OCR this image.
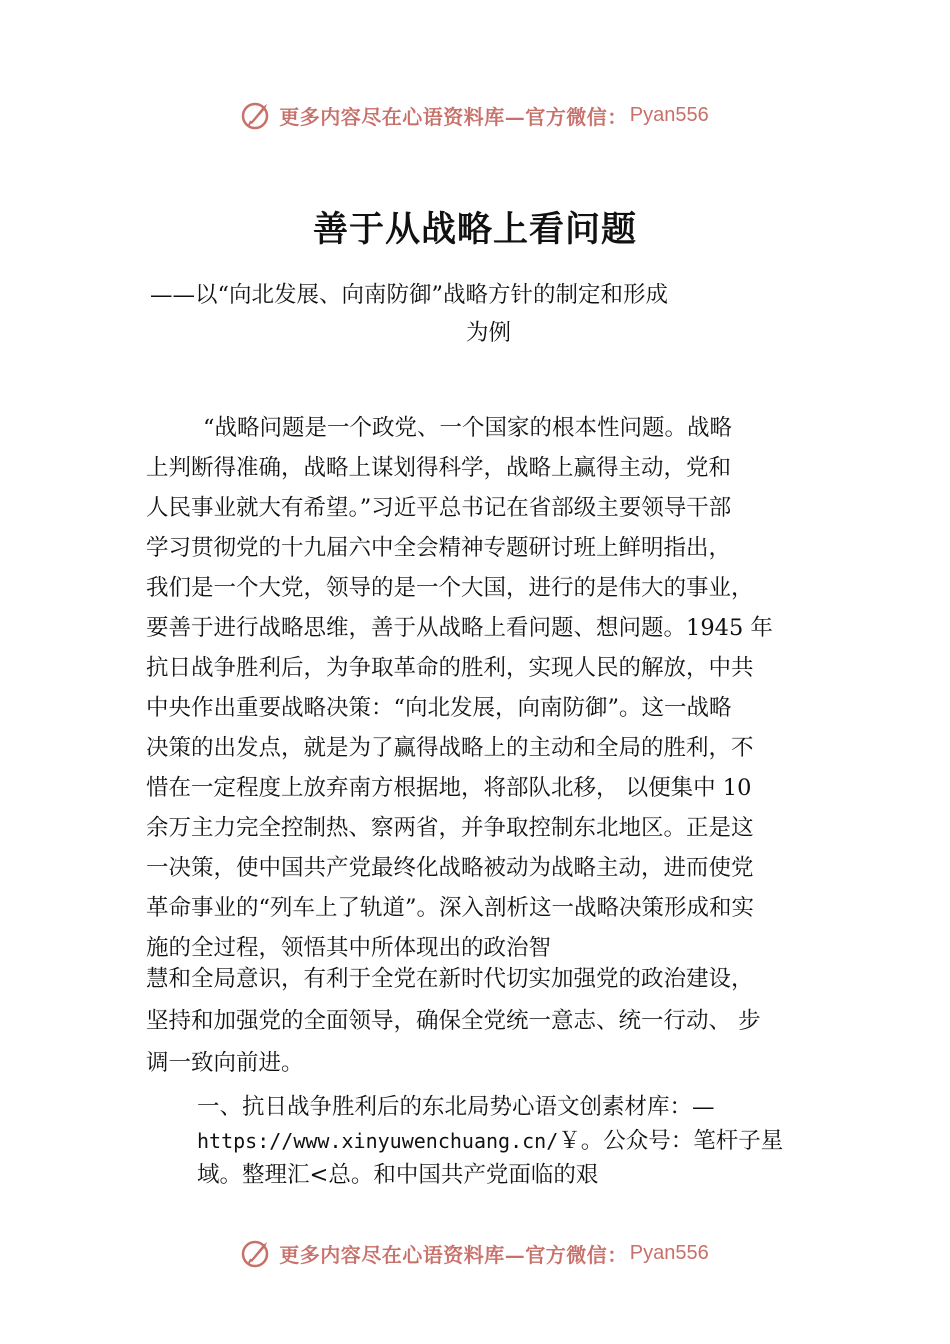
更多内容尽在心语资料库—官方微信： Pyan556
善于从战略上看问题
——以“向北发展、向南防御”战略方针的制定和形成
为例
“战略问题是一个政党、一个国家的根本性问题。战略
上判断得准确，战略上谋划得科学，战略上赢得主动，党和
人民事业就大有希望。”习近平总书记在省部级主要领导干部
学习贯彻党的十九届六中全会精神专题研讨班上鲜明指出，
我们是一个大党，领导的是一个大国，进行的是伟大的事业，
要善于进行战略思维，善于从战略上看问题、想问题。1945 年
抗日战争胜利后，为争取革命的胜利，实现人民的解放，中共
中央作出重要战略决策：“向北发展，向南防御”。这一战略
决策的出发点，就是为了赢得战略上的主动和全局的胜利，不
惜在一定程度上放弃南方根据地，将部队北移， 以便集中 10
余万主力完全控制热、察两省，并争取控制东北地区。正是这
一决策，使中国共产党最终化战略被动为战略主动，进而使党
革命事业的“列车上了轨道”。深入剖析这一战略决策形成和实
施的全过程，领悟其中所体现出的政治智
慧和全局意识，有利于全党在新时代切实加强党的政治建设，
坚持和加强党的全面领导，确保全党统一意志、统一行动、 步
调一致向前进。
一、抗日战争胜利后的东北局势心语文创素材库：—
https://www.xinyuwenchuang.cn/￥。公众号：笔杆子星
域。整理汇<总。和中国共产党面临的艰
更多内容尽在心语资料库—官方微信： Pyan556
